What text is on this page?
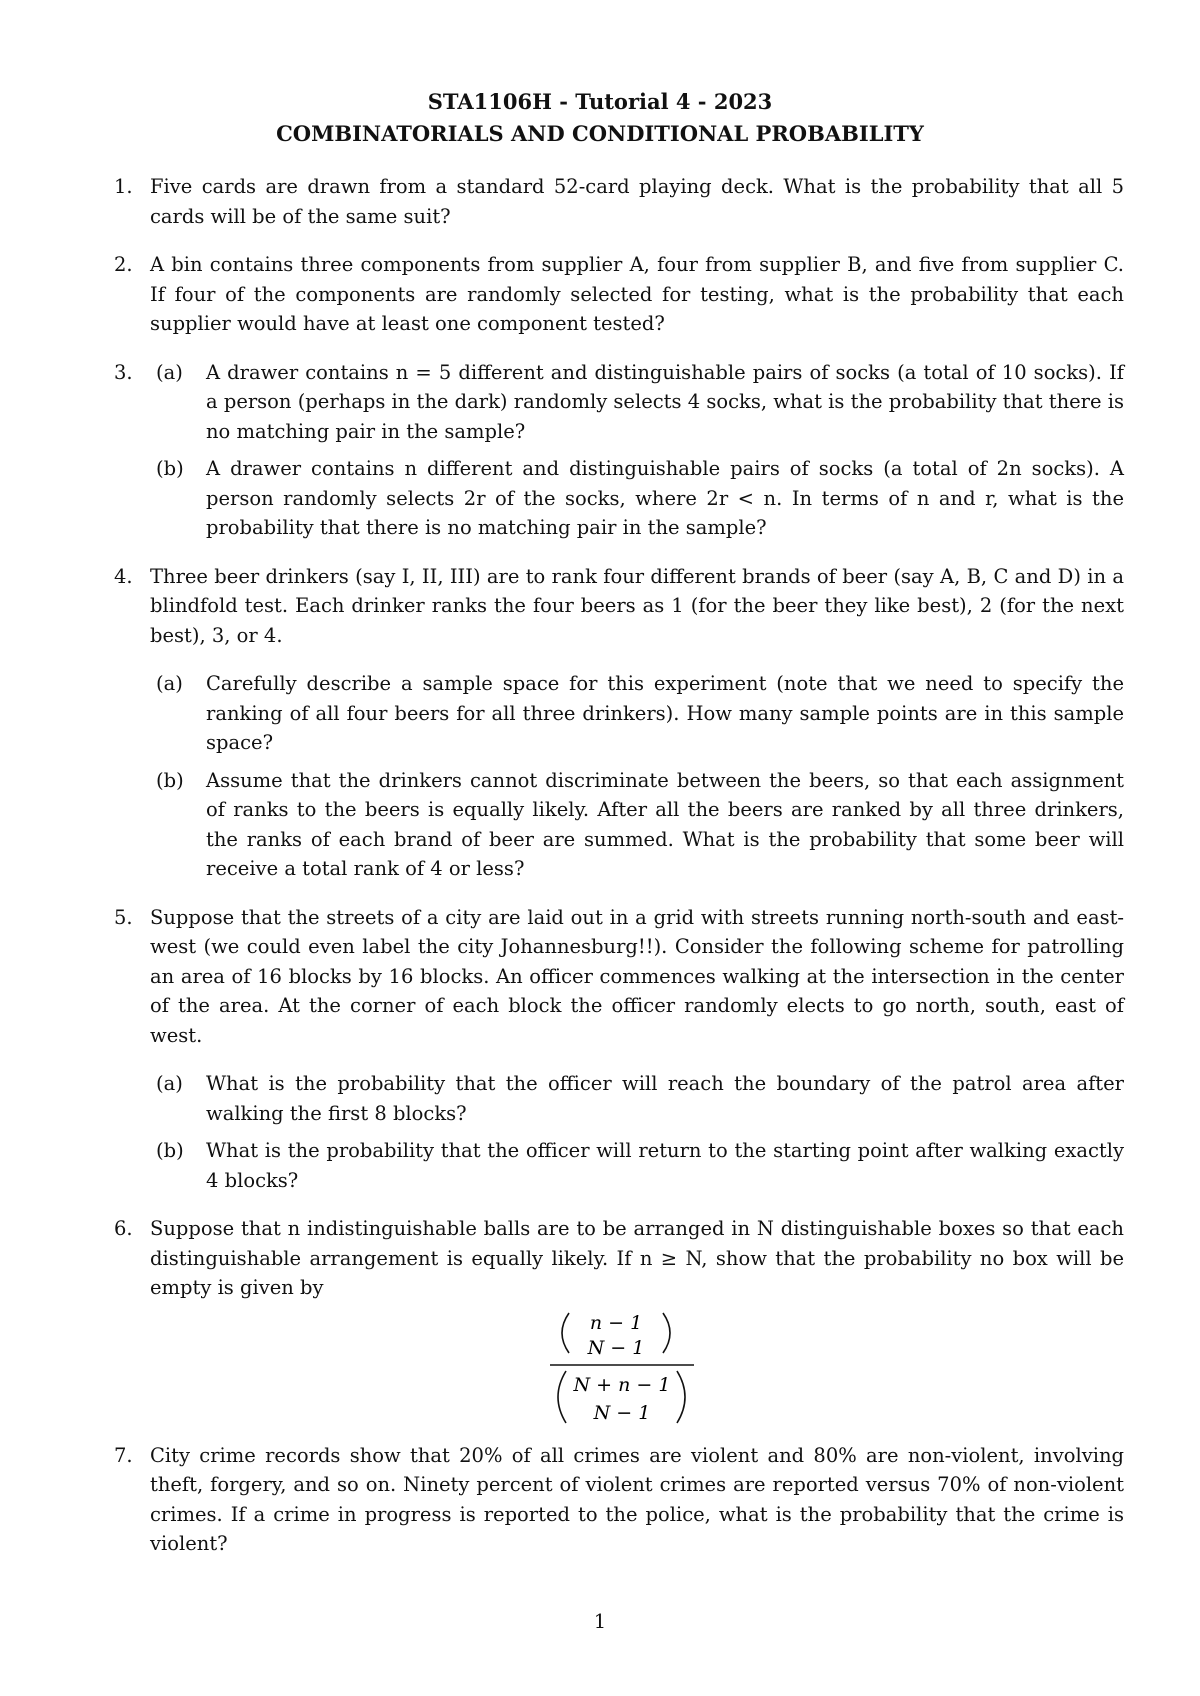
STA1106H - Tutorial 4 - 2023
COMBINATORIALS AND CONDITIONAL PROBABILITY
1. Five cards are drawn from a standard 52-card playing deck. What is the probability that all 5 cards will be of the same suit?
2. A bin contains three components from supplier A, four from supplier B, and five from supplier C. If four of the components are randomly selected for testing, what is the probability that each supplier would have at least one component tested?
3.	(a)	A drawer contains n = 5 different and distinguishable pairs of socks (a total of 10 socks). If a person (perhaps in the dark) randomly selects 4 socks, what is the probability that there is no matching pair in the sample?
(b) A drawer contains n different and distinguishable pairs of socks (a total of 2n socks). A person randomly selects 2r of the socks, where 2r < n. In terms of n and r, what is the probability that there is no matching pair in the sample?
4. Three beer drinkers (say I, II, III) are to rank four different brands of beer (say A, B, C and D) in a blindfold test. Each drinker ranks the four beers as 1 (for the beer they like best), 2 (for the next best), 3, or 4.
(a) Carefully describe a sample space for this experiment (note that we need to specify the ranking of all four beers for all three drinkers). How many sample points are in this sample space?
(b) Assume that the drinkers cannot discriminate between the beers, so that each assignment of ranks to the beers is equally likely. After all the beers are ranked by all three drinkers, the ranks of each brand of beer are summed. What is the probability that some beer will receive a total rank of 4 or less?
5. Suppose that the streets of a city are laid out in a grid with streets running north-south and east-west (we could even label the city Johannesburg!!). Consider the following scheme for patrolling an area of 16 blocks by 16 blocks. An officer commences walking at the intersection in the center of the area. At the corner of each block the officer randomly elects to go north, south, east of west.
(a) What is the probability that the officer will reach the boundary of the patrol area after walking the first 8 blocks?
(b) What is the probability that the officer will return to the starting point after walking exactly 4 blocks?
6. Suppose that n indistinguishable balls are to be arranged in N distinguishable boxes so that each distinguishable arrangement is equally likely. If n ≥ N, show that the probability no box will be empty is given by
n − 1
N − 1
N + n − 1
N − 1
7. City crime records show that 20% of all crimes are violent and 80% are non-violent, involving theft, forgery, and so on. Ninety percent of violent crimes are reported versus 70% of non-violent crimes. If a crime in progress is reported to the police, what is the probability that the crime is violent?
1
